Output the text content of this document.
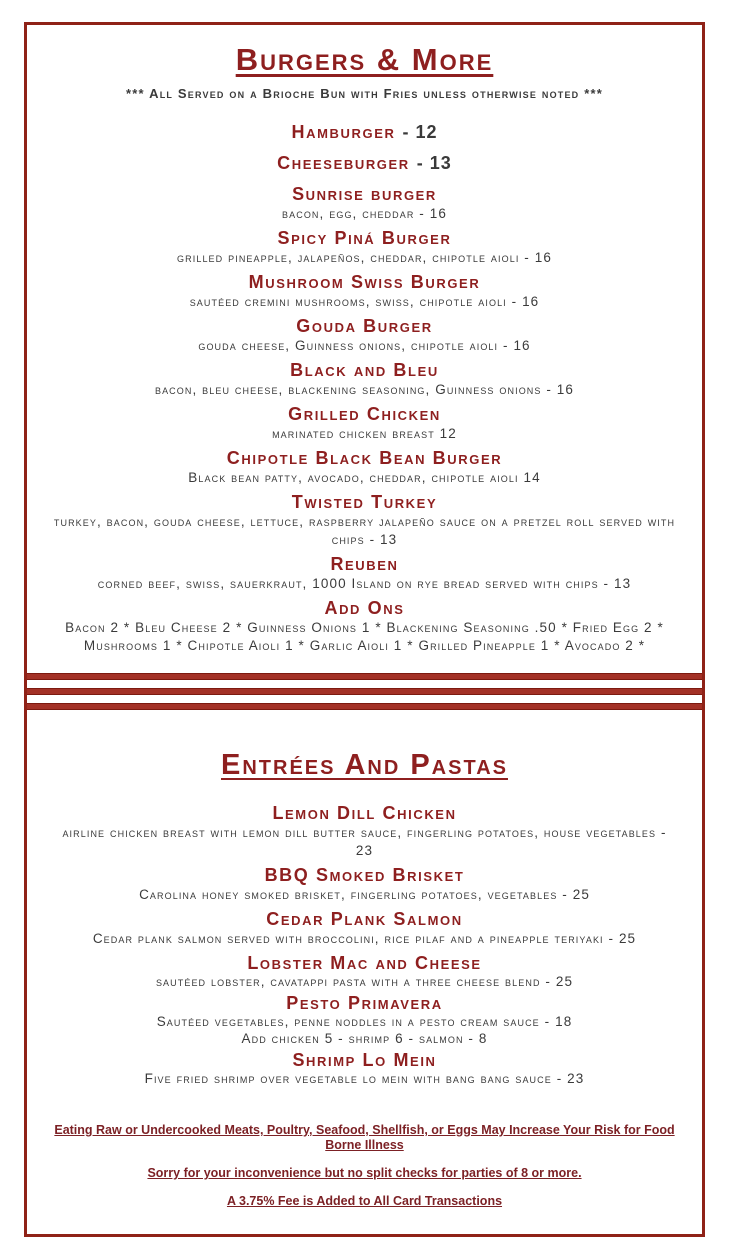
Burgers & More
*** All Served on a Brioche Bun with Fries unless otherwise noted ***
Hamburger - 12
Cheeseburger - 13
Sunrise burger
bacon, egg, cheddar - 16
Spicy Piná Burger
grilled pineapple, jalapeños, cheddar, chipotle aioli - 16
Mushroom Swiss Burger
sautéed cremini mushrooms, swiss, chipotle aioli - 16
Gouda Burger
gouda cheese, Guinness onions, chipotle aioli - 16
Black and Bleu
bacon, bleu cheese, blackening seasoning, Guinness onions - 16
Grilled Chicken
marinated chicken breast 12
Chipotle Black Bean Burger
Black bean patty, avocado, cheddar, chipotle aioli 14
Twisted Turkey
turkey, bacon, gouda cheese, lettuce, raspberry jalapeño sauce on a pretzel roll served with chips - 13
Reuben
corned beef, swiss, sauerkraut, 1000 Island on rye bread served with chips - 13
Add Ons
Bacon 2 * Bleu Cheese 2 * Guinness Onions 1 * Blackening Seasoning .50 * Fried Egg 2 * Mushrooms 1 * Chipotle Aioli 1 * Garlic Aioli 1 * Grilled Pineapple 1 * Avocado 2 *
Entrées And Pastas
Lemon Dill Chicken
airline chicken breast with lemon dill butter sauce, fingerling potatoes, house vegetables - 23
BBQ Smoked Brisket
Carolina honey smoked brisket, fingerling potatoes, vegetables - 25
Cedar Plank Salmon
Cedar plank salmon served with broccolini, rice pilaf and a pineapple teriyaki - 25
Lobster Mac and Cheese
sautéed lobster, cavatappi pasta with a three cheese blend - 25
Pesto Primavera
Sautéed vegetables, penne noddles in a pesto cream sauce - 18
Add chicken 5 - shrimp 6 - salmon - 8
Shrimp Lo Mein
Five fried shrimp over vegetable lo mein with bang bang sauce - 23
Eating Raw or Undercooked Meats, Poultry, Seafood, Shellfish, or Eggs May Increase Your Risk for Food Borne Illness
Sorry for your inconvenience but no split checks for parties of 8 or more.
A 3.75% Fee is Added to All Card Transactions
